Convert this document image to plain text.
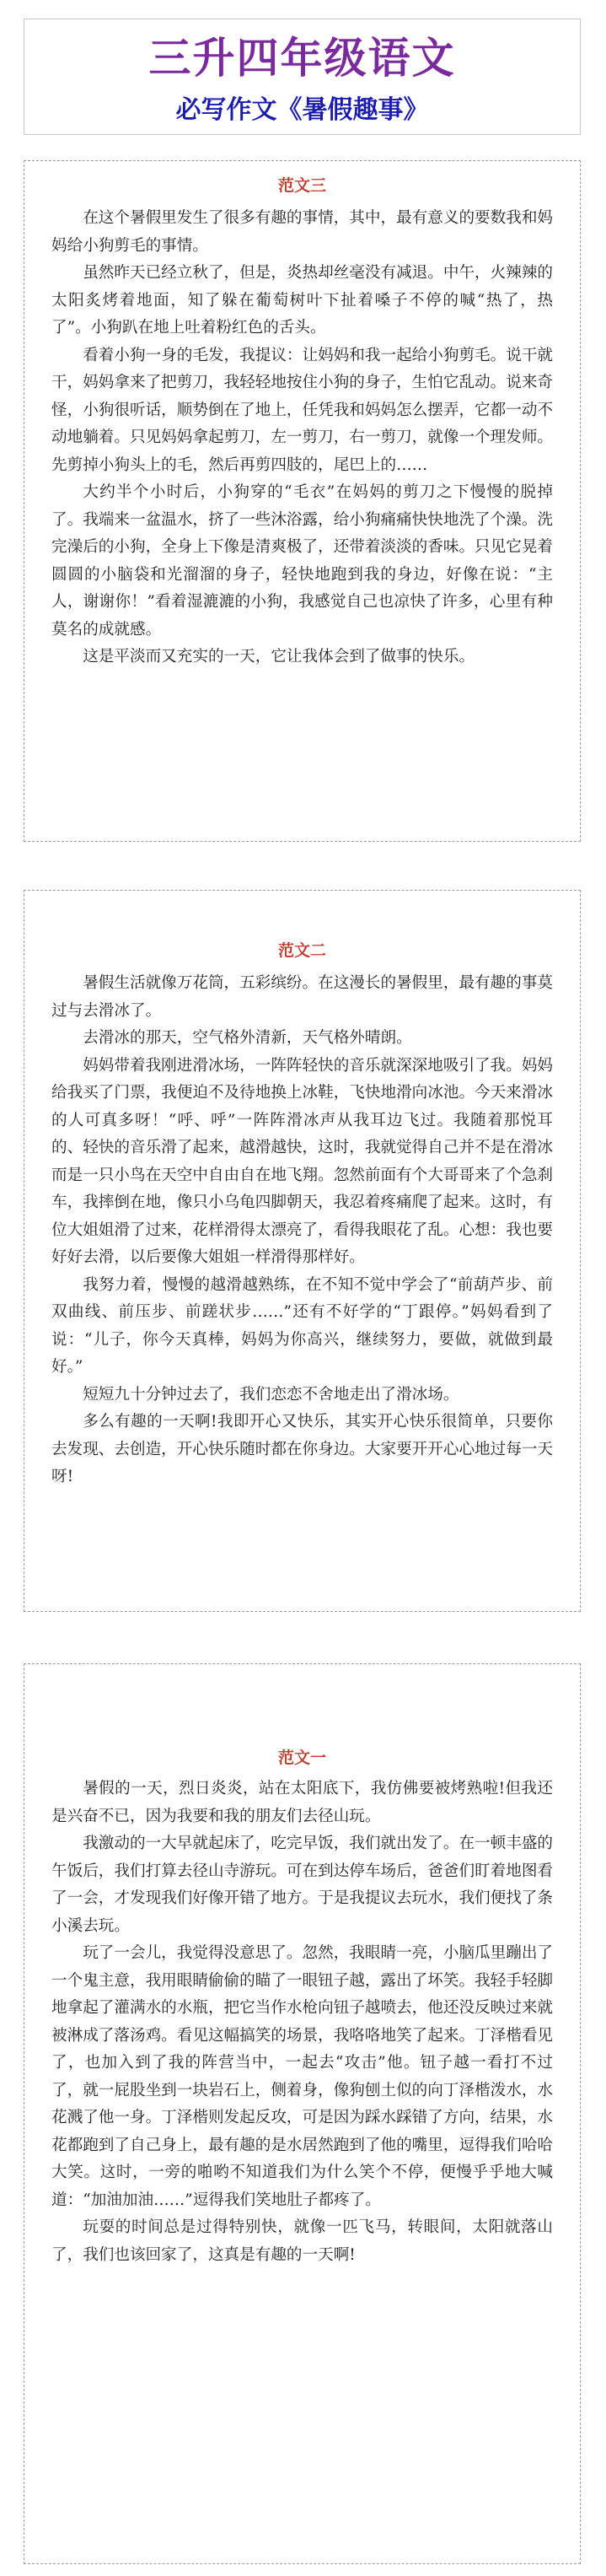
三升四年级语文
必写作文《暑假趣事》
范文三

在这个暑假里发生了很多有趣的事情，其中，最有意义的要数我和妈妈给小狗剪毛的事情。

虽然昨天已经立秋了，但是，炎热却丝毫没有减退。中午，火辣辣的太阳炙烤着地面，知了躲在葡萄树叶下扯着嗓子不停的喊“热了，热了”。小狗趴在地上吐着粉红色的舌头。

看着小狗一身的毛发，我提议：让妈妈和我一起给小狗剪毛。说干就干，妈妈拿来了把剪刀，我轻轻地按住小狗的身子，生怕它乱动。说来奇怪，小狗很听话，顺势倒在了地上，任凭我和妈妈怎么摆弄，它都一动不动地躺着。只见妈妈拿起剪刀，左一剪刀，右一剪刀，就像一个理发师。先剪掉小狗头上的毛，然后再剪四肢的，尾巴上的……

大约半个小时后，小狗穿的“毛衣”在妈妈的剪刀之下慢慢的脱掉了。我端来一盆温水，挤了一些沐浴露，给小狗痛痛快快地洗了个澡。洗完澡后的小狗，全身上下像是清爽极了，还带着淡淡的香味。只见它晃着圆圆的小脑袋和光溜溜的身子，轻快地跑到我的身边，好像在说：“主人，谢谢你！”看着湿漉漉的小狗，我感觉自己也凉快了许多，心里有种莫名的成就感。

这是平淡而又充实的一天，它让我体会到了做事的快乐。

范文二

暑假生活就像万花筒，五彩缤纷。在这漫长的暑假里，最有趣的事莫过与去滑冰了。

去滑冰的那天，空气格外清新，天气格外晴朗。

妈妈带着我刚进滑冰场，一阵阵轻快的音乐就深深地吸引了我。妈妈给我买了门票，我便迫不及待地换上冰鞋，飞快地滑向冰池。今天来滑冰的人可真多呀！“呼、呼”一阵阵滑冰声从我耳边飞过。我随着那悦耳的、轻快的音乐滑了起来，越滑越快，这时，我就觉得自己并不是在滑冰而是一只小鸟在天空中自由自在地飞翔。忽然前面有个大哥哥来了个急刹车，我摔倒在地，像只小乌龟四脚朝天，我忍着疼痛爬了起来。这时，有位大姐姐滑了过来，花样滑得太漂亮了，看得我眼花了乱。心想：我也要好好去滑，以后要像大姐姐一样滑得那样好。

我努力着，慢慢的越滑越熟练，在不知不觉中学会了“前葫芦步、前双曲线、前压步、前蹉状步……”还有不好学的“丁跟停。”妈妈看到了说：“儿子，你今天真棒，妈妈为你高兴，继续努力，要做，就做到最好。”

短短九十分钟过去了，我们恋恋不舍地走出了滑冰场。

多么有趣的一天啊!我即开心又快乐，其实开心快乐很简单，只要你去发现、去创造，开心快乐随时都在你身边。大家要开开心心地过每一天呀!

范文一

暑假的一天，烈日炎炎，站在太阳底下，我仿佛要被烤熟啦!但我还是兴奋不已，因为我要和我的朋友们去径山玩。

我激动的一大早就起床了，吃完早饭，我们就出发了。在一顿丰盛的午饭后，我们打算去径山寺游玩。可在到达停车场后，爸爸们盯着地图看了一会，才发现我们好像开错了地方。于是我提议去玩水，我们便找了条小溪去玩。

玩了一会儿，我觉得没意思了。忽然，我眼睛一亮，小脑瓜里蹦出了一个鬼主意，我用眼睛偷偷的瞄了一眼钮子越，露出了坏笑。我轻手轻脚地拿起了灌满水的水瓶，把它当作水枪向钮子越喷去，他还没反映过来就被淋成了落汤鸡。看见这幅搞笑的场景，我咯咯地笑了起来。丁泽楷看见了，也加入到了我的阵营当中，一起去“攻击”他。钮子越一看打不过了，就一屁股坐到一块岩石上，侧着身，像狗刨土似的向丁泽楷泼水，水花溅了他一身。丁泽楷则发起反攻，可是因为踩水踩错了方向，结果，水花都跑到了自己身上，最有趣的是水居然跑到了他的嘴里，逗得我们哈哈大笑。这时，一旁的啪哟不知道我们为什么笑个不停，便慢乎乎地大喊道：“加油加油……”逗得我们笑地肚子都疼了。

玩耍的时间总是过得特别快，就像一匹飞马，转眼间，太阳就落山了，我们也该回家了，这真是有趣的一天啊!
